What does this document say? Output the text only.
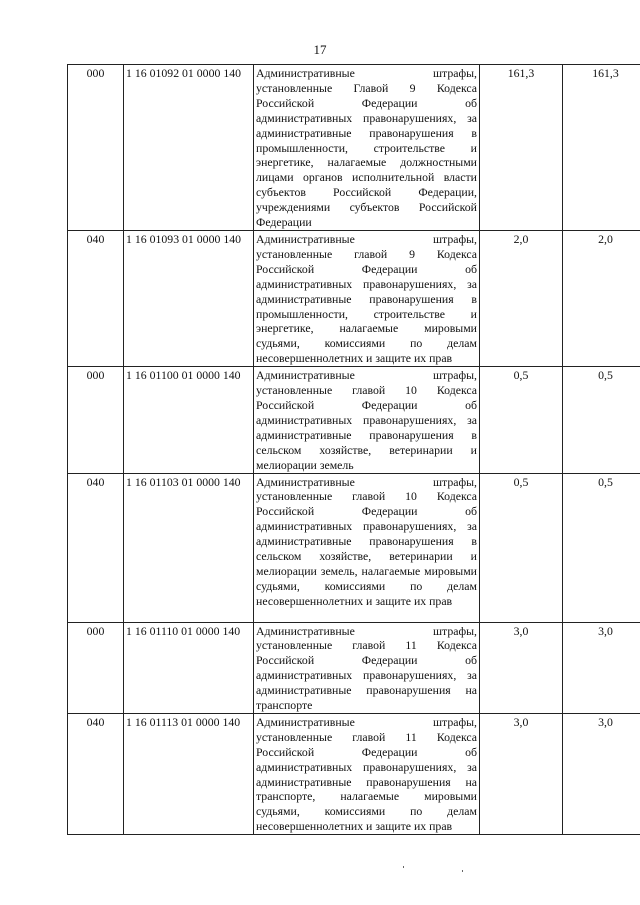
17
000	1 16 01092 01 0000 140	Административные штрафы, установленные Главой 9 Кодекса Российской Федерации об административных правонарушениях, за административные правонарушения в промышленности, строительстве и энергетике, налагаемые должностными лицами органов исполнительной власти субъектов Российской Федерации, учреждениями субъектов Российской Федерации	161,3	161,3
040	1 16 01093 01 0000 140	Административные штрафы, установленные главой 9 Кодекса Российской Федерации об административных правонарушениях, за административные правонарушения в промышленности, строительстве и энергетике, налагаемые мировыми судьями, комиссиями по делам несовершеннолетних и защите их прав	2,0	2,0
000	1 16 01100 01 0000 140	Административные штрафы, установленные главой 10 Кодекса Российской Федерации об административных правонарушениях, за административные правонарушения в сельском хозяйстве, ветеринарии и мелиорации земель	0,5	0,5
040	1 16 01103 01 0000 140	Административные штрафы, установленные главой 10 Кодекса Российской Федерации об административных правонарушениях, за административные правонарушения в сельском хозяйстве, ветеринарии и мелиорации земель, налагаемые мировыми судьями, комиссиями по делам несовершеннолетних и защите их прав	0,5	0,5
000	1 16 01110 01 0000 140	Административные штрафы, установленные главой 11 Кодекса Российской Федерации об административных правонарушениях, за административные правонарушения на транспорте	3,0	3,0
040	1 16 01113 01 0000 140	Административные штрафы, установленные главой 11 Кодекса Российской Федерации об административных правонарушениях, за административные правонарушения на транспорте, налагаемые мировыми судьями, комиссиями по делам несовершеннолетних и защите их прав	3,0	3,0
